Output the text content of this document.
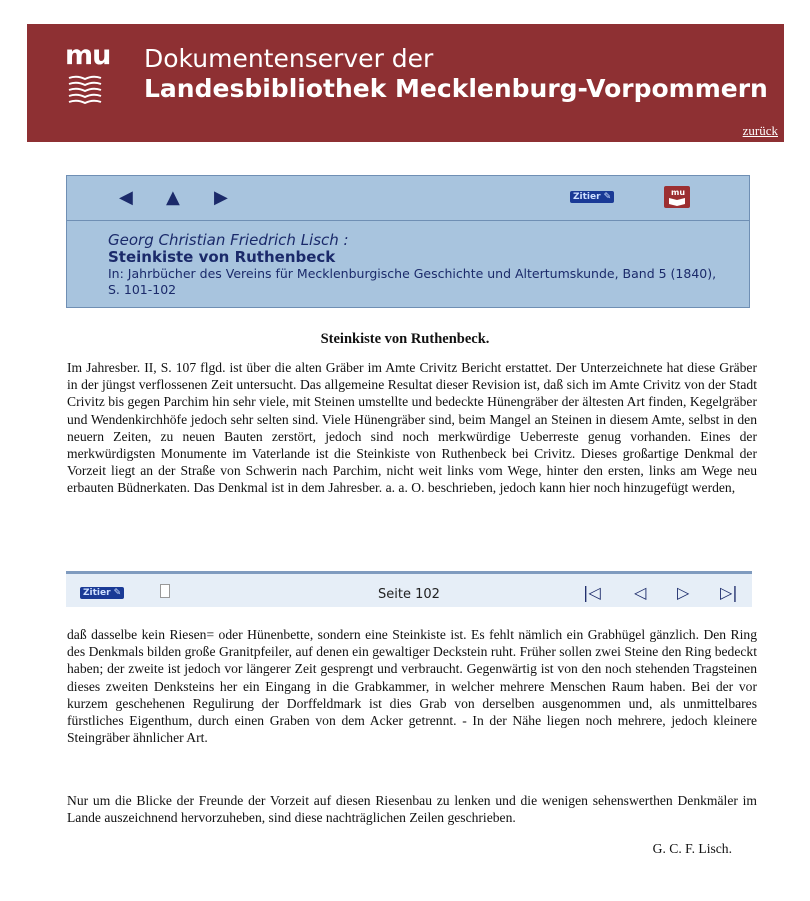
mu Dokumentenserver der
Landesbibliothek Mecklenburg-Vorpommern
zurück
◀ ▲ ▶	Zitier ✎	mu
Georg Christian Friedrich Lisch :
Steinkiste von Ruthenbeck
In: Jahrbücher des Vereins für Mecklenburgische Geschichte und Altertumskunde, Band 5 (1840), S. 101-102
Steinkiste von Ruthenbeck.
Im Jahresber. II, S. 107 flgd. ist über die alten Gräber im Amte Crivitz Bericht erstattet. Der Unterzeichnete hat diese Gräber in der jüngst verflossenen Zeit untersucht. Das allgemeine Resultat dieser Revision ist, daß sich im Amte Crivitz von der Stadt Crivitz bis gegen Parchim hin sehr viele, mit Steinen umstellte und bedeckte Hünengräber der ältesten Art finden, Kegelgräber und Wendenkirchhöfe jedoch sehr selten sind. Viele Hünengräber sind, beim Mangel an Steinen in diesem Amte, selbst in den neuern Zeiten, zu neuen Bauten zerstört, jedoch sind noch merkwürdige Ueberreste genug vorhanden. Eines der merkwürdigsten Monumente im Vaterlande ist die Steinkiste von Ruthenbeck bei Crivitz. Dieses großartige Denkmal der Vorzeit liegt an der Straße von Schwerin nach Parchim, nicht weit links vom Wege, hinter den ersten, links am Wege neu erbauten Büdnerkaten. Das Denkmal ist in dem Jahresber. a. a. O. beschrieben, jedoch kann hier noch hinzugefügt werden,
Zitier ✎	Seite 102	|◁ ◁ ▷ ▷|
daß dasselbe kein Riesen= oder Hünenbette, sondern eine Steinkiste ist. Es fehlt nämlich ein Grabhügel gänzlich. Den Ring des Denkmals bilden große Granitpfeiler, auf denen ein gewaltiger Deckstein ruht. Früher sollen zwei Steine den Ring bedeckt haben; der zweite ist jedoch vor längerer Zeit gesprengt und verbraucht. Gegenwärtig ist von den noch stehenden Tragsteinen dieses zweiten Denksteins her ein Eingang in die Grabkammer, in welcher mehrere Menschen Raum haben. Bei der vor kurzem geschehenen Regulirung der Dorffeldmark ist dies Grab von derselben ausgenommen und, als unmittelbares fürstliches Eigenthum, durch einen Graben von dem Acker getrennt. - In der Nähe liegen noch mehrere, jedoch kleinere Steingräber ähnlicher Art.
Nur um die Blicke der Freunde der Vorzeit auf diesen Riesenbau zu lenken und die wenigen sehenswerthen Denkmäler im Lande auszeichnend hervorzuheben, sind diese nachträglichen Zeilen geschrieben.
G. C. F. Lisch.
